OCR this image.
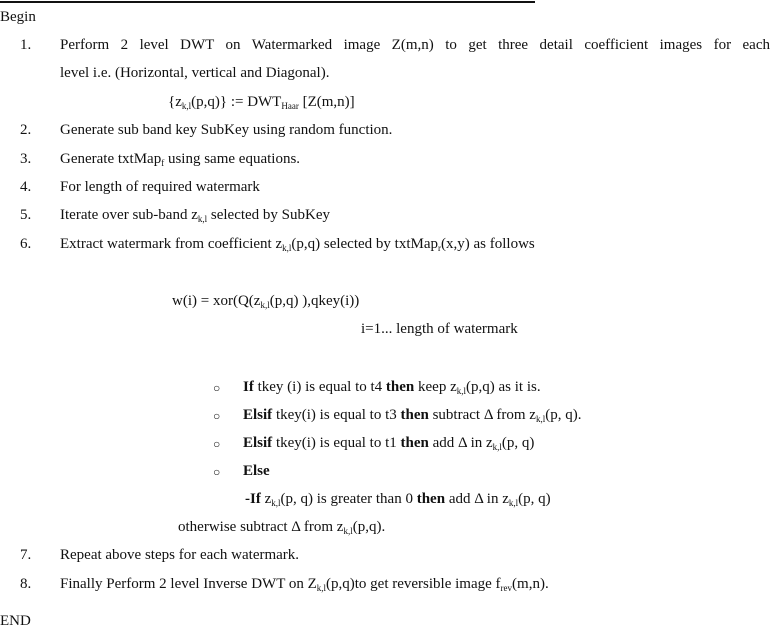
Begin
1.	Perform 2 level DWT on Watermarked image Z(m,n) to get three detail coefficient images for each
level i.e. (Horizontal, vertical and Diagonal).
$\{z_{k,l}(p,q)\}$ := $DWT_{Haar}$ [Z(m,n)]
2.	Generate sub band key SubKey using random function.
3.	Generate txtMap$_f$ using same equations.
4.	For length of required watermark
5.	Iterate over sub-band $z_{k,l}$ selected by SubKey
6.	Extract watermark from coefficient $z_{k,l}(p,q)$ selected by txtMap$_r$(x,y) as follows
$w(i) = xor(Q(z_{k,l}(p,q)$ ),qkey(i))
i=1... length of watermark
○ If tkey (i) is equal to t4 then keep $z_{k,l}(p,q)$ as it is.
○ Elsif tkey(i) is equal to t3 then subtract Δ from $z_{k,l}(p$, q).
○ Elsif tkey(i) is equal to t1 then add Δ in $z_{k,l}(p$, q)
○ Else
-If $z_{k,l}(p$, q) is greater than 0 then add Δ in $z_{k,l}(p$, q)
otherwise subtract Δ from $z_{k,l}(p,q)$.
7.	Repeat above steps for each watermark.
8.	Finally Perform 2 level Inverse DWT on $Z_{k,l}(p,q)to$ get reversible image $f_{rev}(m,n)$.
END
